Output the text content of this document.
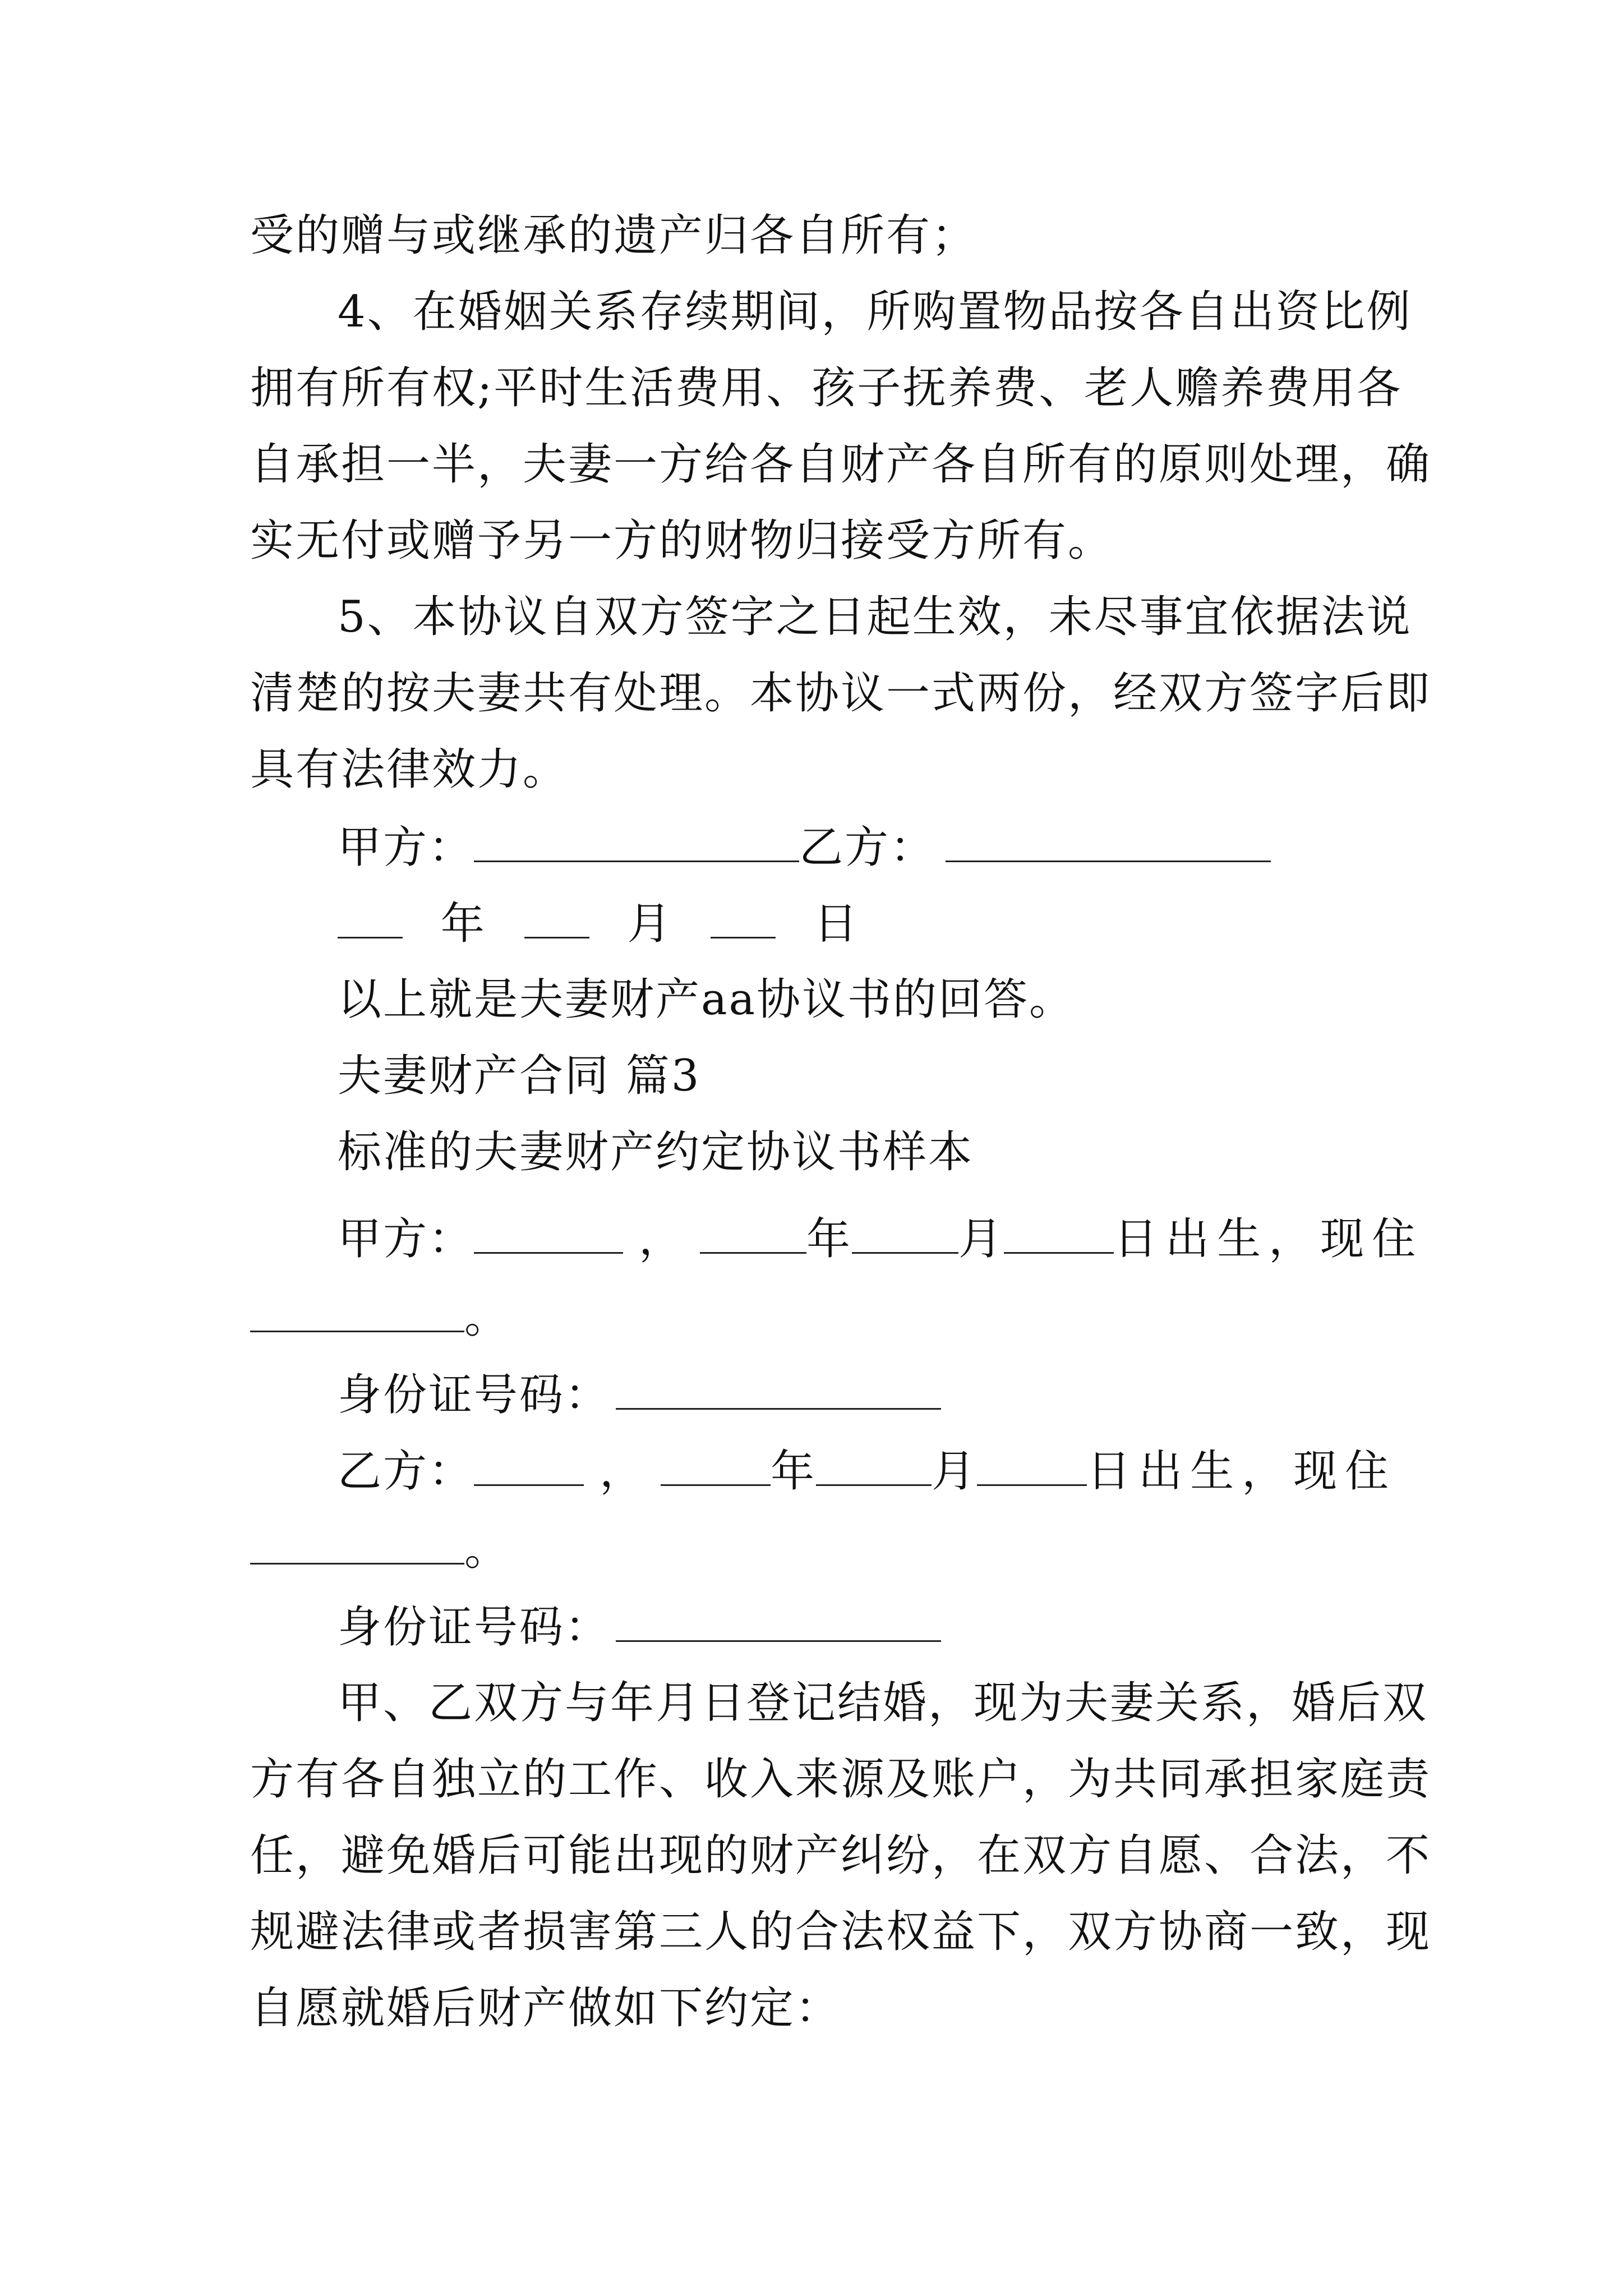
受的赠与或继承的遗产归各自所有；
4、在婚姻关系存续期间，所购置物品按各自出资比例
拥有所有权;平时生活费用、孩子抚养费、老人赡养费用各
自承担一半，夫妻一方给各自财产各自所有的原则处理，确
实无付或赠予另一方的财物归接受方所有。
5、本协议自双方签字之日起生效，未尽事宜依据法说
清楚的按夫妻共有处理。本协议一式两份，经双方签字后即
具有法律效力。
甲方：	乙方：
年	月	日
以上就是夫妻财产aa协议书的回答。
夫妻财产合同 篇3
标准的夫妻财产约定协议书样本
甲方：	，	年 月	日出生，现住
。
身份证号码：
乙方：	，	年	月	日出生，现住
。
身份证号码：
甲、乙双方与年月日登记结婚，现为夫妻关系，婚后双
方有各自独立的工作、收入来源及账户，为共同承担家庭责
任，避免婚后可能出现的财产纠纷，在双方自愿、合法，不
规避法律或者损害第三人的合法权益下，双方协商一致，现
自愿就婚后财产做如下约定：
